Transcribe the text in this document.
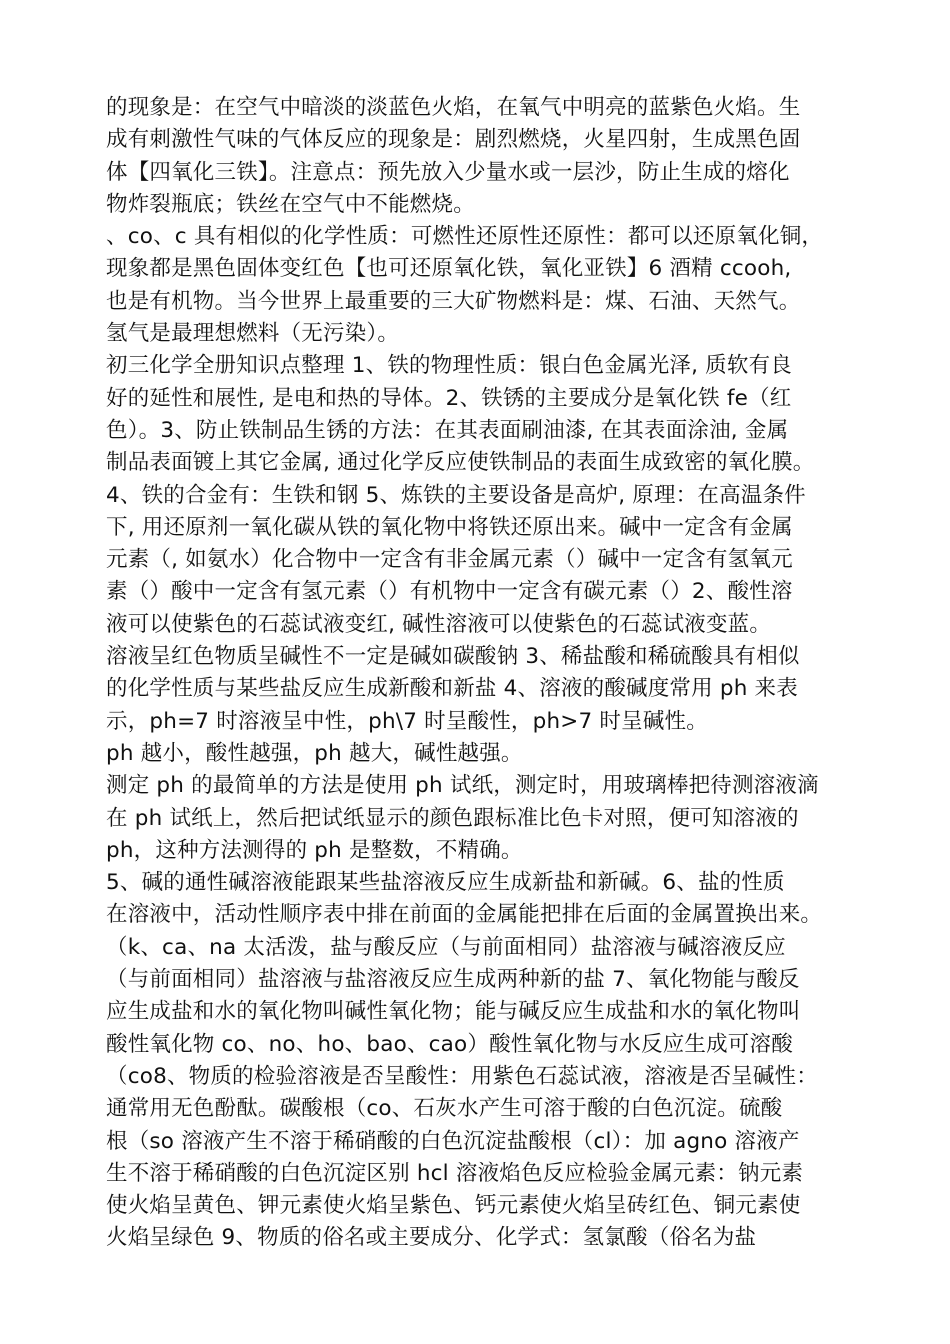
的现象是：在空气中暗淡的淡蓝色火焰，在氧气中明亮的蓝紫色火焰。生
成有刺激性气味的气体反应的现象是：剧烈燃烧，火星四射，生成黑色固
体【四氧化三铁】。注意点：预先放入少量水或一层沙，防止生成的熔化
物炸裂瓶底；铁丝在空气中不能燃烧。
、co、c 具有相似的化学性质：可燃性还原性还原性：都可以还原氧化铜，
现象都是黑色固体变红色【也可还原氧化铁，氧化亚铁】6 酒精 ccooh,
也是有机物。当今世界上最重要的三大矿物燃料是：煤、石油、天然气。
氢气是最理想燃料（无污染）。
初三化学全册知识点整理 1、铁的物理性质：银白色金属光泽, 质软有良
好的延性和展性, 是电和热的导体。2、铁锈的主要成分是氧化铁 fe（红
色）。3、防止铁制品生锈的方法：在其表面刷油漆, 在其表面涂油, 金属
制品表面镀上其它金属, 通过化学反应使铁制品的表面生成致密的氧化膜。
4、铁的合金有：生铁和钢 5、炼铁的主要设备是高炉, 原理：在高温条件
下, 用还原剂一氧化碳从铁的氧化物中将铁还原出来。碱中一定含有金属
元素（, 如氨水）化合物中一定含有非金属元素（）碱中一定含有氢氧元
素（）酸中一定含有氢元素（）有机物中一定含有碳元素（）2、酸性溶
液可以使紫色的石蕊试液变红, 碱性溶液可以使紫色的石蕊试液变蓝。
溶液呈红色物质呈碱性不一定是碱如碳酸钠 3、稀盐酸和稀硫酸具有相似
的化学性质与某些盐反应生成新酸和新盐 4、溶液的酸碱度常用 ph 来表
示，ph=7 时溶液呈中性，ph\7 时呈酸性，ph>7 时呈碱性。
ph 越小，酸性越强，ph 越大，碱性越强。
测定 ph 的最简单的方法是使用 ph 试纸，测定时，用玻璃棒把待测溶液滴
在 ph 试纸上，然后把试纸显示的颜色跟标准比色卡对照，便可知溶液的
ph，这种方法测得的 ph 是整数，不精确。
5、碱的通性碱溶液能跟某些盐溶液反应生成新盐和新碱。6、盐的性质
在溶液中，活动性顺序表中排在前面的金属能把排在后面的金属置换出来。
（k、ca、na 太活泼，盐与酸反应（与前面相同）盐溶液与碱溶液反应
（与前面相同）盐溶液与盐溶液反应生成两种新的盐 7、氧化物能与酸反
应生成盐和水的氧化物叫碱性氧化物；能与碱反应生成盐和水的氧化物叫
酸性氧化物 co、no、ho、bao、cao）酸性氧化物与水反应生成可溶酸
（co8、物质的检验溶液是否呈酸性：用紫色石蕊试液，溶液是否呈碱性：
通常用无色酚酞。碳酸根（co、石灰水产生可溶于酸的白色沉淀。硫酸
根（so 溶液产生不溶于稀硝酸的白色沉淀盐酸根（cl）：加 agno 溶液产
生不溶于稀硝酸的白色沉淀区别 hcl 溶液焰色反应检验金属元素：钠元素
使火焰呈黄色、钾元素使火焰呈紫色、钙元素使火焰呈砖红色、铜元素使
火焰呈绿色 9、物质的俗名或主要成分、化学式：氢氯酸（俗名为盐
